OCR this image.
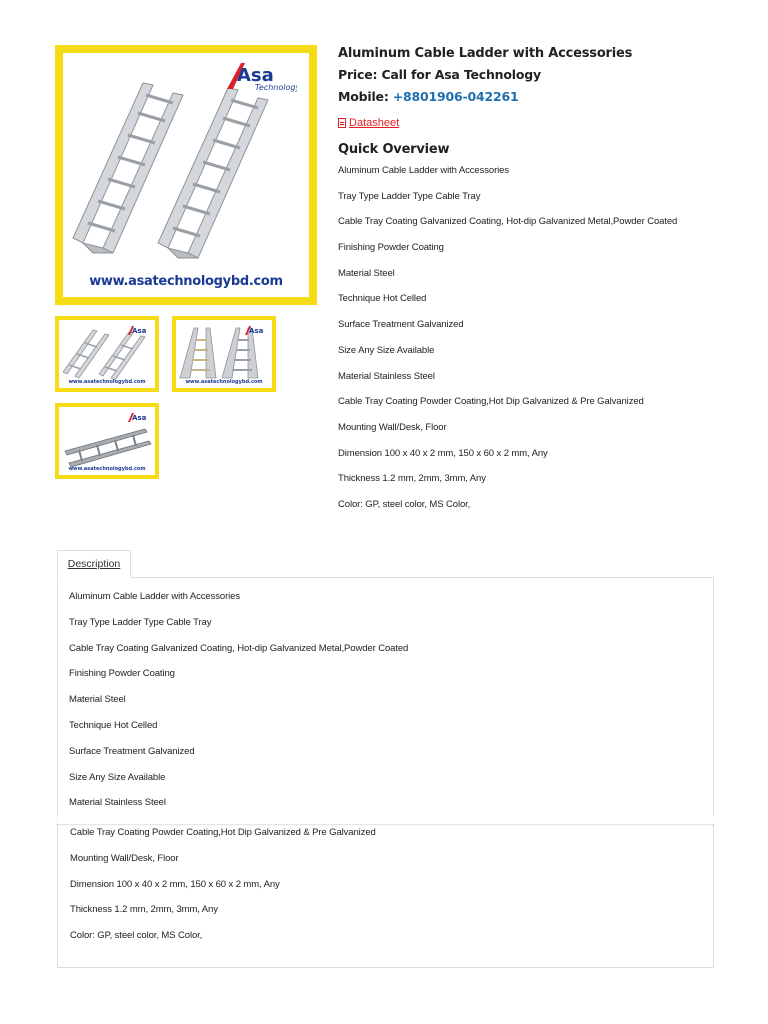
Asa
Technology
www.asatechnologybd.com
Asa
www.asatechnologybd.com
Asa
www.asatechnologybd.com
Asa
www.asatechnologybd.com
Aluminum Cable Ladder with Accessories
Price: Call for Asa Technology
Mobile: +8801906-042261
Datasheet
Quick Overview
Aluminum Cable Ladder with Accessories
Tray Type Ladder Type Cable Tray
Cable Tray Coating Galvanized Coating, Hot-dip Galvanized Metal,Powder Coated
Finishing Powder Coating
Material Steel
Technique Hot Celled
Surface Treatment Galvanized
Size Any Size Available
Material Stainless Steel
Cable Tray Coating Powder Coating,Hot Dip Galvanized & Pre Galvanized
Mounting Wall/Desk, Floor
Dimension 100 x 40 x 2 mm, 150 x 60 x 2 mm, Any
Thickness 1.2 mm, 2mm, 3mm, Any
Color: GP, steel color, MS Color,
Description
Aluminum Cable Ladder with Accessories
Tray Type Ladder Type Cable Tray
Cable Tray Coating Galvanized Coating, Hot-dip Galvanized Metal,Powder Coated
Finishing Powder Coating
Material Steel
Technique Hot Celled
Surface Treatment Galvanized
Size Any Size Available
Material Stainless Steel
Cable Tray Coating Powder Coating,Hot Dip Galvanized & Pre Galvanized
Mounting Wall/Desk, Floor
Dimension 100 x 40 x 2 mm, 150 x 60 x 2 mm, Any
Thickness 1.2 mm, 2mm, 3mm, Any
Color: GP, steel color, MS Color,
